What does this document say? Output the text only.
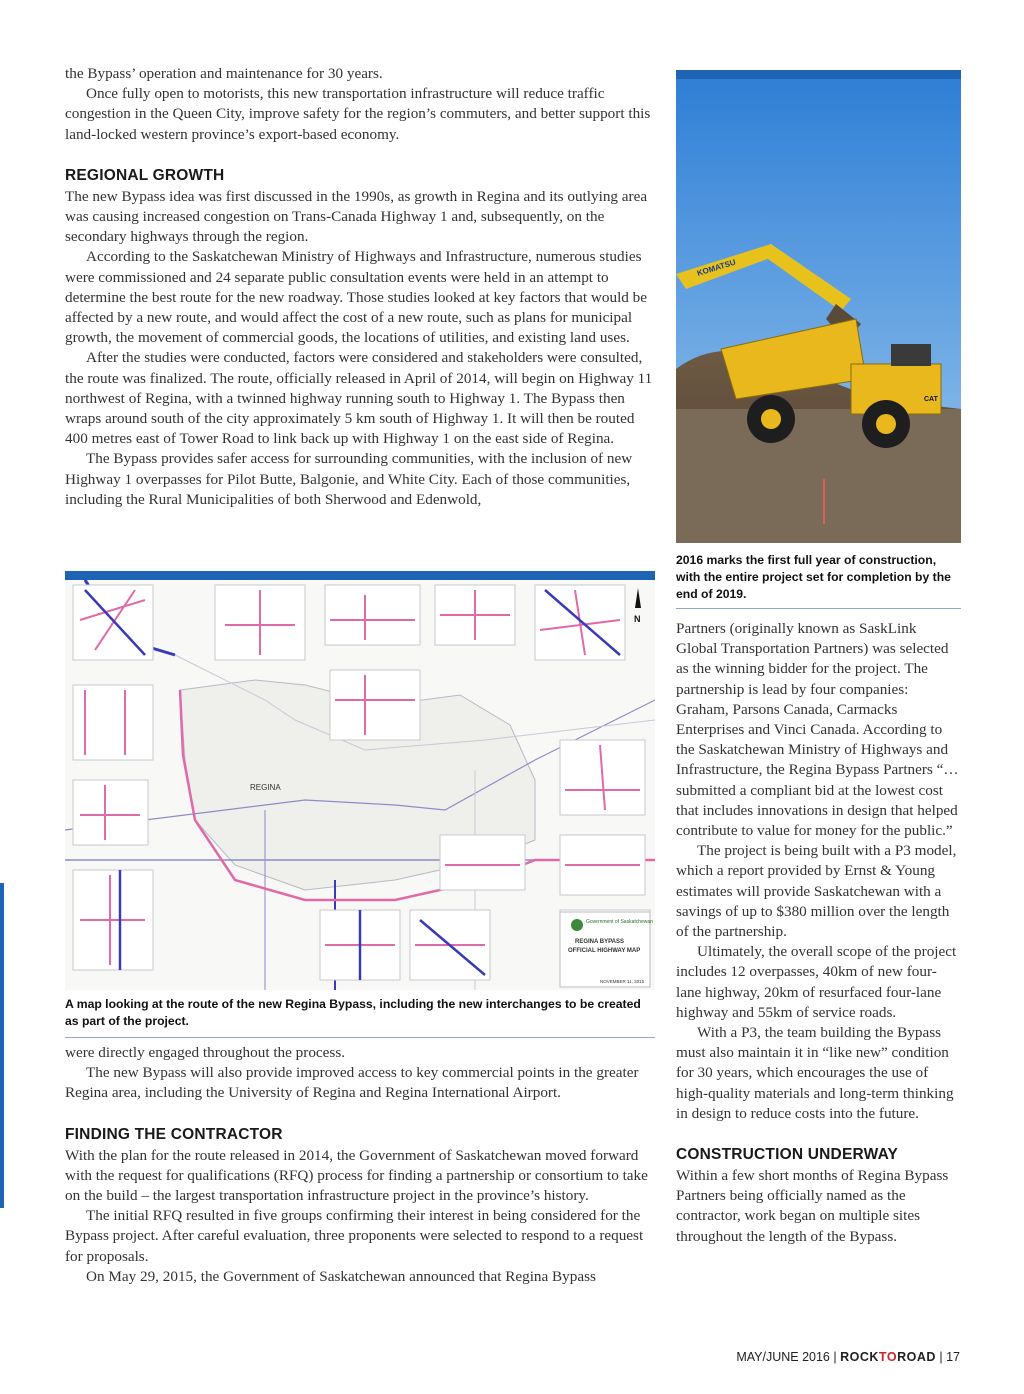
the Bypass’ operation and maintenance for 30 years.

Once fully open to motorists, this new transportation infrastructure will reduce traffic congestion in the Queen City, improve safety for the region’s commuters, and better support this land-locked western province’s export-based economy.

REGIONAL GROWTH

The new Bypass idea was first discussed in the 1990s, as growth in Regina and its outlying area was causing increased congestion on Trans-Canada Highway 1 and, subsequently, on the secondary highways through the region.

According to the Saskatchewan Ministry of Highways and Infrastructure, numerous studies were commissioned and 24 separate public consultation events were held in an attempt to determine the best route for the new roadway. Those studies looked at key factors that would be affected by a new route, and would affect the cost of a new route, such as plans for municipal growth, the movement of commercial goods, the locations of utilities, and existing land uses.

After the studies were conducted, factors were considered and stakeholders were consulted, the route was finalized. The route, officially released in April of 2014, will begin on Highway 11 northwest of Regina, with a twinned highway running south to Highway 1. The Bypass then wraps around south of the city approximately 5 km south of Highway 1. It will then be routed 400 metres east of Tower Road to link back up with Highway 1 on the east side of Regina.

The Bypass provides safer access for surrounding communities, with the inclusion of new Highway 1 overpasses for Pilot Butte, Balgonie, and White City. Each of those communities, including the Rural Municipalities of both Sherwood and Edenwold,

REGINA
N
Government of Saskatchewan
REGINA BYPASS
OFFICIAL HIGHWAY MAP
NOVEMBER 11, 2015

A map looking at the route of the new Regina Bypass, including the new interchanges to be created as part of the project.

were directly engaged throughout the process.

The new Bypass will also provide improved access to key commercial points in the greater Regina area, including the University of Regina and Regina International Airport.

FINDING THE CONTRACTOR

With the plan for the route released in 2014, the Government of Saskatchewan moved forward with the request for qualifications (RFQ) process for finding a partnership or consortium to take on the build – the largest transportation infrastructure project in the province’s history.

The initial RFQ resulted in five groups confirming their interest in being considered for the Bypass project. After careful evaluation, three proponents were selected to respond to a request for proposals.

On May 29, 2015, the Government of Saskatchewan announced that Regina Bypass

KOMATSU
CAT

2016 marks the first full year of construction, with the entire project set for completion by the end of 2019.

Partners (originally known as SaskLink Global Transportation Partners) was selected as the winning bidder for the project. The partnership is lead by four companies: Graham, Parsons Canada, Carmacks Enterprises and Vinci Canada. According to the Saskatchewan Ministry of Highways and Infrastructure, the Regina Bypass Partners “… submitted a compliant bid at the lowest cost that includes innovations in design that helped contribute to value for money for the public.”

The project is being built with a P3 model, which a report provided by Ernst & Young estimates will provide Saskatchewan with a savings of up to $380 million over the length of the partnership.

Ultimately, the overall scope of the project includes 12 overpasses, 40km of new four-lane highway, 20km of resurfaced four-lane highway and 55km of service roads.

With a P3, the team building the Bypass must also maintain it in “like new” condition for 30 years, which encourages the use of high-quality materials and long-term thinking in design to reduce costs into the future.

CONSTRUCTION UNDERWAY

Within a few short months of Regina Bypass Partners being officially named as the contractor, work began on multiple sites throughout the length of the Bypass.

MAY/JUNE 2016 | ROCKTOROAD | 17
